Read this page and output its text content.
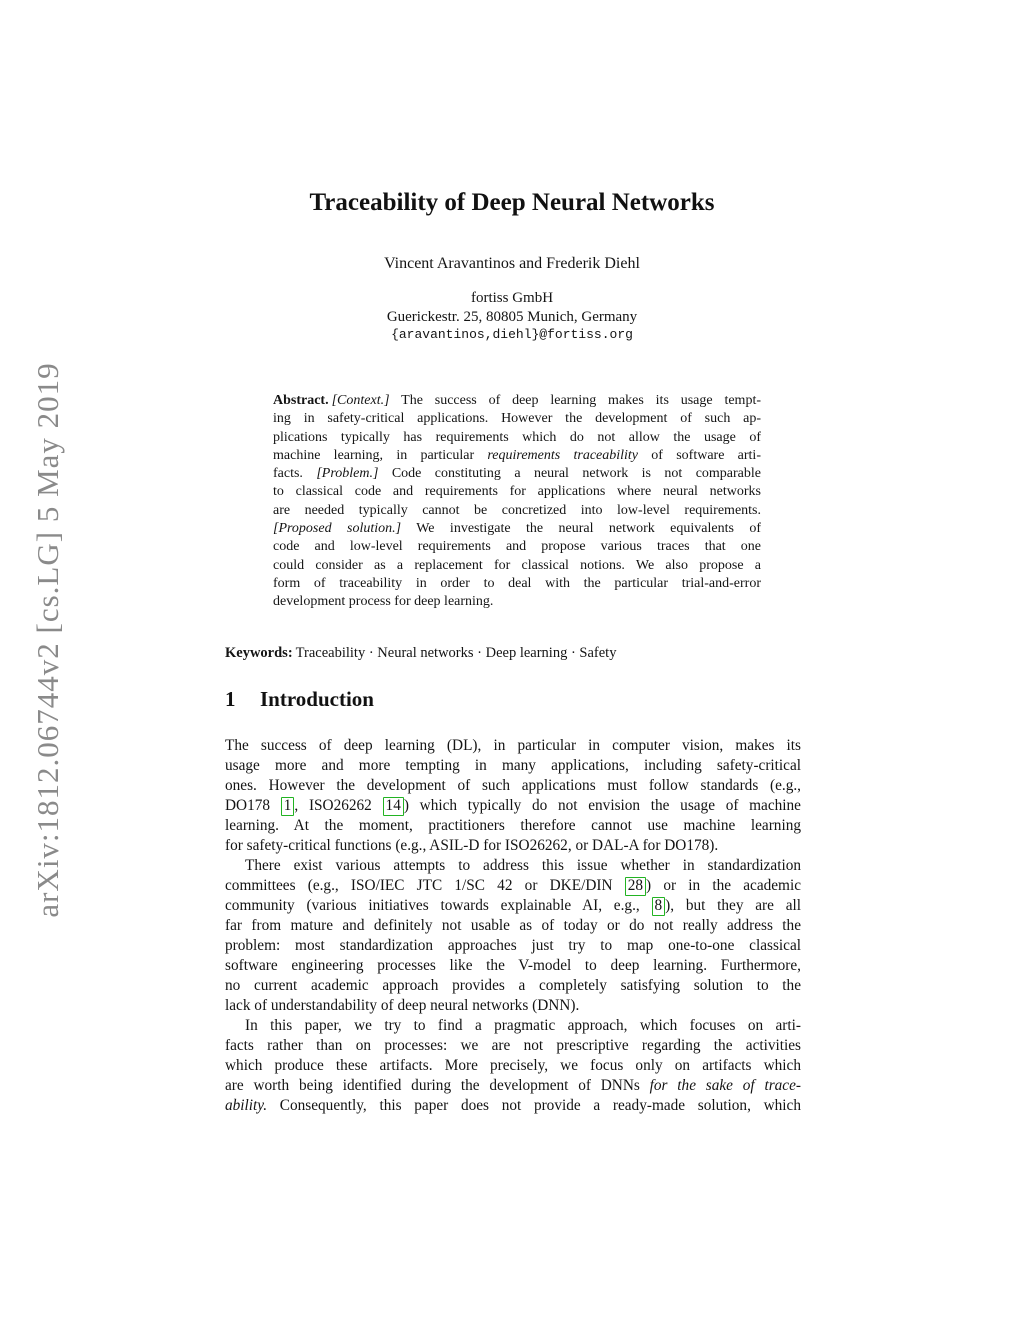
arXiv:1812.06744v2 [cs.LG] 5 May 2019
Traceability of Deep Neural Networks
Vincent Aravantinos and Frederik Diehl
fortiss GmbH
Guerickestr. 25, 80805 Munich, Germany
{aravantinos,diehl}@fortiss.org
Abstract. [Context.] The success of deep learning makes its usage tempt-
ing in safety-critical applications. However the development of such ap-
plications typically has requirements which do not allow the usage of
machine learning, in particular requirements traceability of software arti-
facts. [Problem.] Code constituting a neural network is not comparable
to classical code and requirements for applications where neural networks
are needed typically cannot be concretized into low-level requirements.
[Proposed solution.] We investigate the neural network equivalents of
code and low-level requirements and propose various traces that one
could consider as a replacement for classical notions. We also propose a
form of traceability in order to deal with the particular trial-and-error
development process for deep learning.
Keywords: Traceability · Neural networks · Deep learning · Safety
1 Introduction
The success of deep learning (DL), in particular in computer vision, makes its
usage more and more tempting in many applications, including safety-critical
ones. However the development of such applications must follow standards (e.g.,
DO178 1 , ISO26262 14 ) which typically do not envision the usage of machine
learning. At the moment, practitioners therefore cannot use machine learning
for safety-critical functions (e.g., ASIL-D for ISO26262, or DAL-A for DO178).
There exist various attempts to address this issue whether in standardization
committees (e.g., ISO/IEC JTC 1/SC 42 or DKE/DIN 28 ) or in the academic
community (various initiatives towards explainable AI, e.g., 8 ), but they are all
far from mature and definitely not usable as of today or do not really address the
problem: most standardization approaches just try to map one-to-one classical
software engineering processes like the V-model to deep learning. Furthermore,
no current academic approach provides a completely satisfying solution to the
lack of understandability of deep neural networks (DNN).
In this paper, we try to find a pragmatic approach, which focuses on arti-
facts rather than on processes: we are not prescriptive regarding the activities
which produce these artifacts. More precisely, we focus only on artifacts which
are worth being identified during the development of DNNs for the sake of trace-
ability. Consequently, this paper does not provide a ready-made solution, which
